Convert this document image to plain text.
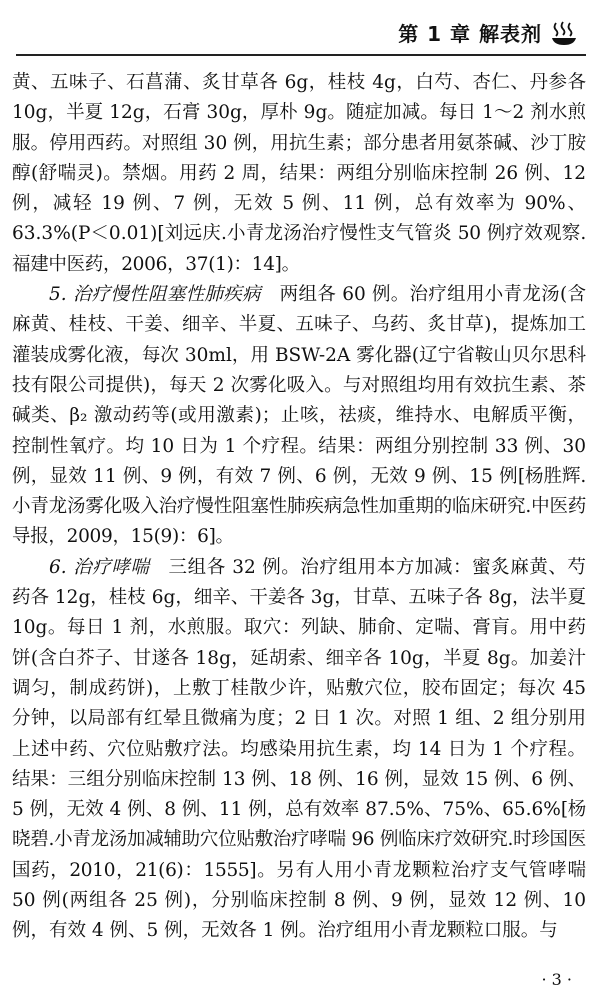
第 1 章 解表剂

黄、五味子、石菖蒲、炙甘草各 6g，桂枝 4g，白芍、杏仁、丹参各 10g，半夏 12g，石膏 30g，厚朴 9g。随症加减。每日 1～2 剂水煎服。停用西药。对照组 30 例，用抗生素；部分患者用氨茶碱、沙丁胺醇(舒喘灵)。禁烟。用药 2 周，结果：两组分别临床控制 26 例、12 例，减轻 19 例、7 例，无效 5 例、11 例，总有效率为 90%、63.3%(P＜0.01)[刘远庆.小青龙汤治疗慢性支气管炎 50 例疗效观察.福建中医药，2006，37(1)：14]。

5. 治疗慢性阻塞性肺疾病　 两组各 60 例。治疗组用小青龙汤(含麻黄、桂枝、干姜、细辛、半夏、五味子、乌药、炙甘草)，提炼加工灌装成雾化液，每次 30ml，用 BSW-2A 雾化器(辽宁省鞍山贝尔思科技有限公司提供)，每天 2 次雾化吸入。与对照组均用有效抗生素、茶碱类、β₂ 激动药等(或用激素)；止咳，祛痰，维持水、电解质平衡，控制性氧疗。均 10 日为 1 个疗程。结果：两组分别控制 33 例、30 例，显效 11 例、9 例，有效 7 例、6 例，无效 9 例、15 例[杨胜辉.小青龙汤雾化吸入治疗慢性阻塞性肺疾病急性加重期的临床研究.中医药导报，2009，15(9)：6]。

6. 治疗哮喘　 三组各 32 例。治疗组用本方加减：蜜炙麻黄、芍药各 12g，桂枝 6g，细辛、干姜各 3g，甘草、五味子各 8g，法半夏 10g。每日 1 剂，水煎服。取穴：列缺、肺俞、定喘、膏肓。用中药饼(含白芥子、甘遂各 18g，延胡索、细辛各 10g，半夏 8g。加姜汁调匀，制成药饼)，上敷丁桂散少许，贴敷穴位，胶布固定；每次 45 分钟，以局部有红晕且微痛为度；2 日 1 次。对照 1 组、2 组分别用上述中药、穴位贴敷疗法。均感染用抗生素，均 14 日为 1 个疗程。结果：三组分别临床控制 13 例、18 例、16 例，显效 15 例、6 例、5 例，无效 4 例、8 例、11 例，总有效率 87.5%、75%、65.6%[杨晓碧.小青龙汤加减辅助穴位贴敷治疗哮喘 96 例临床疗效研究.时珍国医国药，2010，21(6)：1555]。另有人用小青龙颗粒治疗支气管哮喘 50 例(两组各 25 例)，分别临床控制 8 例、9 例，显效 12 例、10 例，有效 4 例、5 例，无效各 1 例。治疗组用小青龙颗粒口服。与

· 3 ·
